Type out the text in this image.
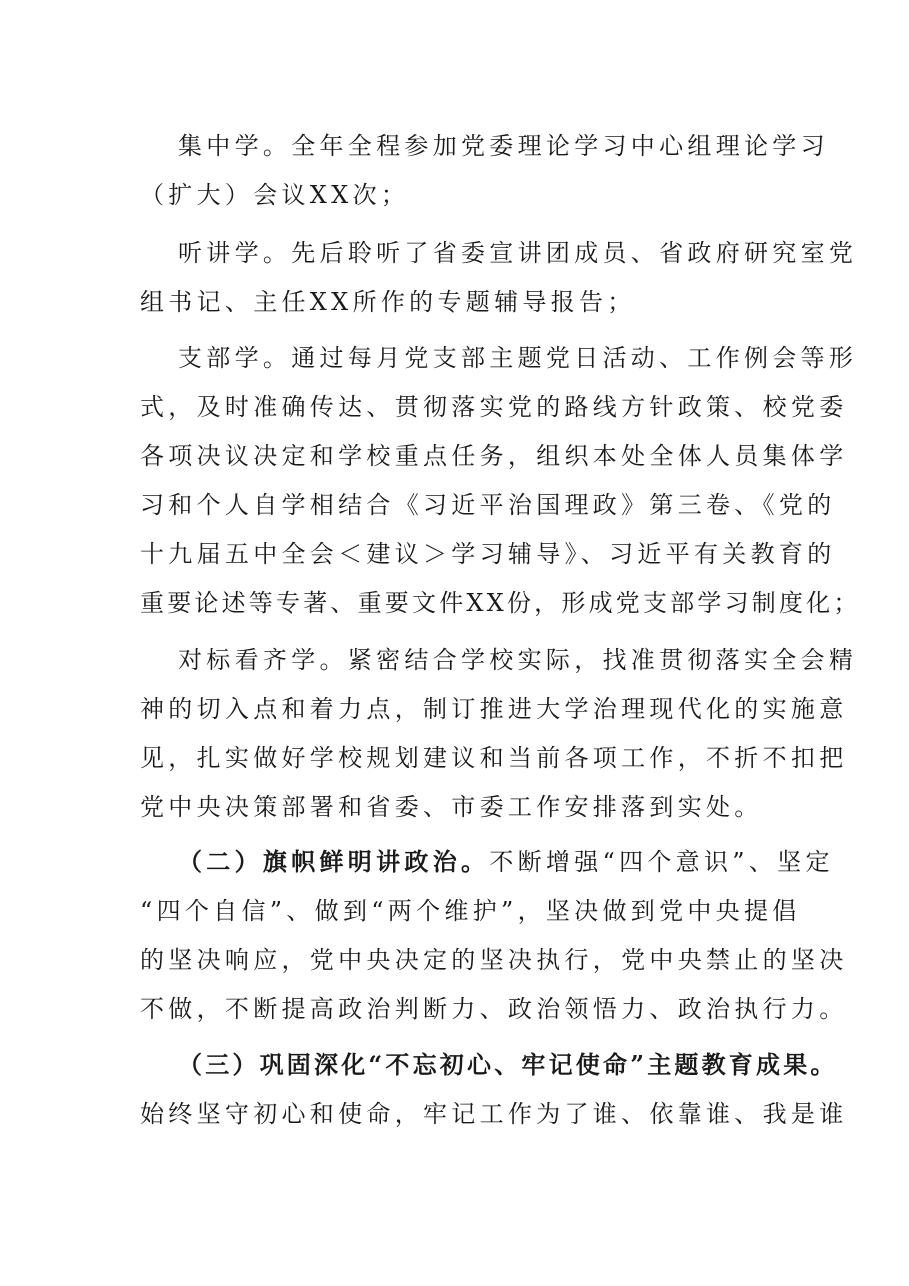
集中学。全年全程参加党委理论学习中心组理论学习
（扩大）会议XX次；
听讲学。先后聆听了省委宣讲团成员、省政府研究室党
组书记、主任XX所作的专题辅导报告；
支部学。通过每月党支部主题党日活动、工作例会等形
式，及时准确传达、贯彻落实党的路线方针政策、校党委
各项决议决定和学校重点任务，组织本处全体人员集体学
习和个人自学相结合《习近平治国理政》第三卷、《党的
十九届五中全会＜建议＞学习辅导》、习近平有关教育的
重要论述等专著、重要文件XX份，形成党支部学习制度化；
对标看齐学。紧密结合学校实际，找准贯彻落实全会精
神的切入点和着力点，制订推进大学治理现代化的实施意
见，扎实做好学校规划建议和当前各项工作，不折不扣把
党中央决策部署和省委、市委工作安排落到实处。
（二）旗帜鲜明讲政治。不断增强“四个意识”、坚定
“四个自信”、做到“两个维护”，坚决做到党中央提倡
的坚决响应，党中央决定的坚决执行，党中央禁止的坚决
不做，不断提高政治判断力、政治领悟力、政治执行力。
（三）巩固深化“不忘初心、牢记使命”主题教育成果。
始终坚守初心和使命，牢记工作为了谁、依靠谁、我是谁
